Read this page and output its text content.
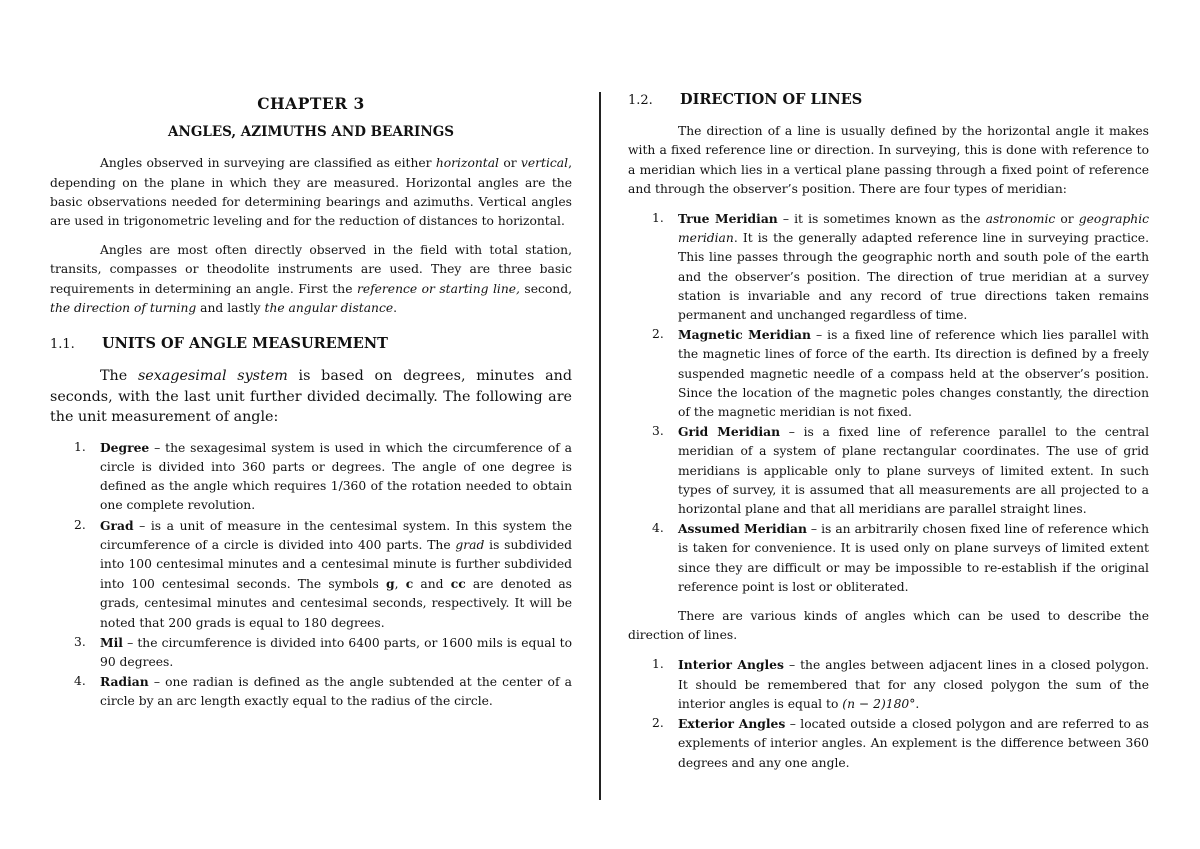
CHAPTER 3
ANGLES, AZIMUTHS AND BEARINGS

Angles observed in surveying are classified as either horizontal or vertical, depending on the plane in which they are measured. Horizontal angles are the basic observations needed for determining bearings and azimuths. Vertical angles are used in trigonometric leveling and for the reduction of distances to horizontal.

Angles are most often directly observed in the field with total station, transits, compasses or theodolite instruments are used. They are three basic requirements in determining an angle. First the reference or starting line, second, the direction of turning and lastly the angular distance.

1.1. UNITS OF ANGLE MEASUREMENT

The sexagesimal system is based on degrees, minutes and seconds, with the last unit further divided decimally. The following are the unit measurement of angle:

1. Degree – the sexagesimal system is used in which the circumference of a circle is divided into 360 parts or degrees. The angle of one degree is defined as the angle which requires 1/360 of the rotation needed to obtain one complete revolution.
2. Grad – is a unit of measure in the centesimal system. In this system the circumference of a circle is divided into 400 parts. The grad is subdivided into 100 centesimal minutes and a centesimal minute is further subdivided into 100 centesimal seconds. The symbols g, c and cc are denoted as grads, centesimal minutes and centesimal seconds, respectively. It will be noted that 200 grads is equal to 180 degrees.
3. Mil – the circumference is divided into 6400 parts, or 1600 mils is equal to 90 degrees.
4. Radian – one radian is defined as the angle subtended at the center of a circle by an arc length exactly equal to the radius of the circle.
1.2. DIRECTION OF LINES

The direction of a line is usually defined by the horizontal angle it makes with a fixed reference line or direction. In surveying, this is done with reference to a meridian which lies in a vertical plane passing through a fixed point of reference and through the observer’s position. There are four types of meridian:

1. True Meridian – it is sometimes known as the astronomic or geographic meridian. It is the generally adapted reference line in surveying practice. This line passes through the geographic north and south pole of the earth and the observer’s position. The direction of true meridian at a survey station is invariable and any record of true directions taken remains permanent and unchanged regardless of time.
2. Magnetic Meridian – is a fixed line of reference which lies parallel with the magnetic lines of force of the earth. Its direction is defined by a freely suspended magnetic needle of a compass held at the observer’s position. Since the location of the magnetic poles changes constantly, the direction of the magnetic meridian is not fixed.
3. Grid Meridian – is a fixed line of reference parallel to the central meridian of a system of plane rectangular coordinates. The use of grid meridians is applicable only to plane surveys of limited extent. In such types of survey, it is assumed that all measurements are all projected to a horizontal plane and that all meridians are parallel straight lines.
4. Assumed Meridian – is an arbitrarily chosen fixed line of reference which is taken for convenience. It is used only on plane surveys of limited extent since they are difficult or may be impossible to re-establish if the original reference point is lost or obliterated.

There are various kinds of angles which can be used to describe the direction of lines.

1. Interior Angles – the angles between adjacent lines in a closed polygon. It should be remembered that for any closed polygon the sum of the interior angles is equal to (n − 2)180°.
2. Exterior Angles – located outside a closed polygon and are referred to as explements of interior angles. An explement is the difference between 360 degrees and any one angle.
